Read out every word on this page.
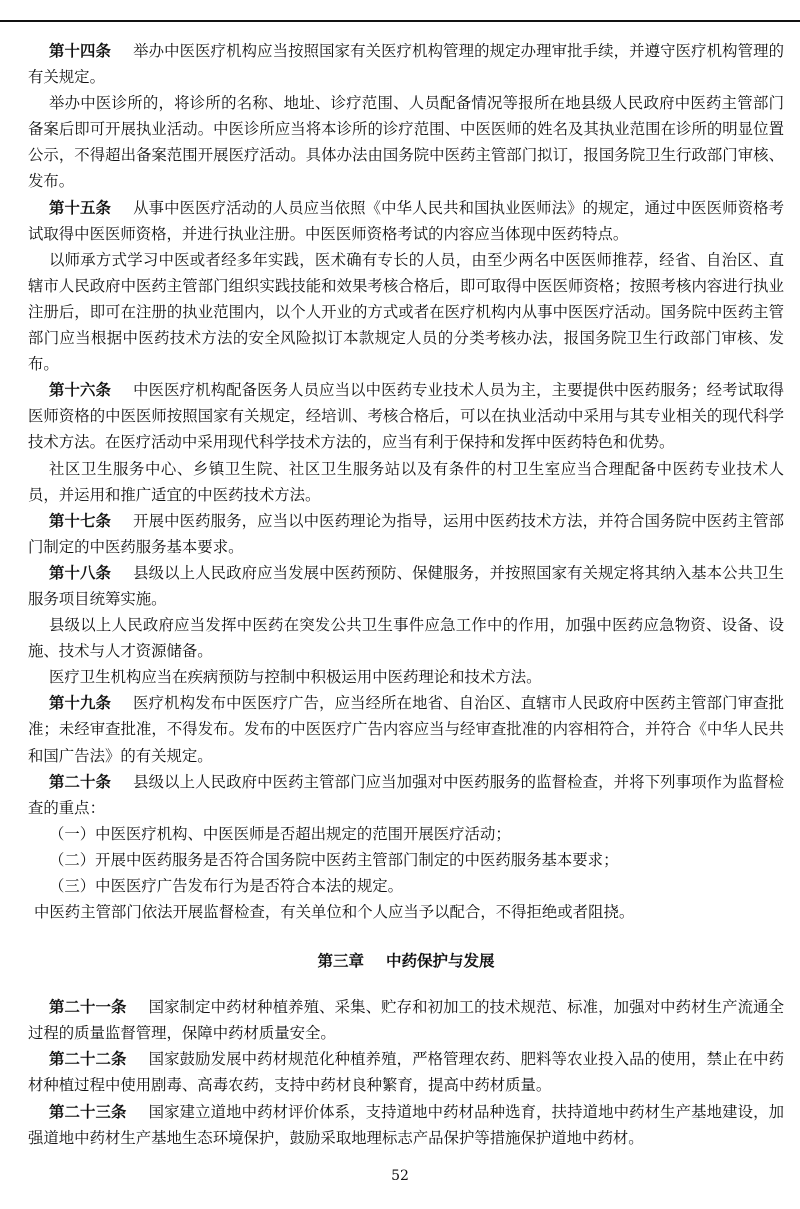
第十四条 举办中医医疗机构应当按照国家有关医疗机构管理的规定办理审批手续，并遵守医疗机构管理的有关规定。

举办中医诊所的，将诊所的名称、地址、诊疗范围、人员配备情况等报所在地县级人民政府中医药主管部门备案后即可开展执业活动。中医诊所应当将本诊所的诊疗范围、中医医师的姓名及其执业范围在诊所的明显位置公示，不得超出备案范围开展医疗活动。具体办法由国务院中医药主管部门拟订，报国务院卫生行政部门审核、发布。

第十五条 从事中医医疗活动的人员应当依照《中华人民共和国执业医师法》的规定，通过中医医师资格考试取得中医医师资格，并进行执业注册。中医医师资格考试的内容应当体现中医药特点。

以师承方式学习中医或者经多年实践，医术确有专长的人员，由至少两名中医医师推荐，经省、自治区、直辖市人民政府中医药主管部门组织实践技能和效果考核合格后，即可取得中医医师资格；按照考核内容进行执业注册后，即可在注册的执业范围内，以个人开业的方式或者在医疗机构内从事中医医疗活动。国务院中医药主管部门应当根据中医药技术方法的安全风险拟订本款规定人员的分类考核办法，报国务院卫生行政部门审核、发布。

第十六条 中医医疗机构配备医务人员应当以中医药专业技术人员为主，主要提供中医药服务；经考试取得医师资格的中医医师按照国家有关规定，经培训、考核合格后，可以在执业活动中采用与其专业相关的现代科学技术方法。在医疗活动中采用现代科学技术方法的，应当有利于保持和发挥中医药特色和优势。

社区卫生服务中心、乡镇卫生院、社区卫生服务站以及有条件的村卫生室应当合理配备中医药专业技术人员，并运用和推广适宜的中医药技术方法。

第十七条 开展中医药服务，应当以中医药理论为指导，运用中医药技术方法，并符合国务院中医药主管部门制定的中医药服务基本要求。

第十八条 县级以上人民政府应当发展中医药预防、保健服务，并按照国家有关规定将其纳入基本公共卫生服务项目统筹实施。

县级以上人民政府应当发挥中医药在突发公共卫生事件应急工作中的作用，加强中医药应急物资、设备、设施、技术与人才资源储备。

医疗卫生机构应当在疾病预防与控制中积极运用中医药理论和技术方法。

第十九条 医疗机构发布中医医疗广告，应当经所在地省、自治区、直辖市人民政府中医药主管部门审查批准；未经审查批准，不得发布。发布的中医医疗广告内容应当与经审查批准的内容相符合，并符合《中华人民共和国广告法》的有关规定。

第二十条 县级以上人民政府中医药主管部门应当加强对中医药服务的监督检查，并将下列事项作为监督检查的重点：

（一）中医医疗机构、中医医师是否超出规定的范围开展医疗活动；

（二）开展中医药服务是否符合国务院中医药主管部门制定的中医药服务基本要求；

（三）中医医疗广告发布行为是否符合本法的规定。

中医药主管部门依法开展监督检查，有关单位和个人应当予以配合，不得拒绝或者阻挠。

第三章 中药保护与发展

第二十一条 国家制定中药材种植养殖、采集、贮存和初加工的技术规范、标准，加强对中药材生产流通全过程的质量监督管理，保障中药材质量安全。

第二十二条 国家鼓励发展中药材规范化种植养殖，严格管理农药、肥料等农业投入品的使用，禁止在中药材种植过程中使用剧毒、高毒农药，支持中药材良种繁育，提高中药材质量。

第二十三条 国家建立道地中药材评价体系，支持道地中药材品种选育，扶持道地中药材生产基地建设，加强道地中药材生产基地生态环境保护，鼓励采取地理标志产品保护等措施保护道地中药材。

52
